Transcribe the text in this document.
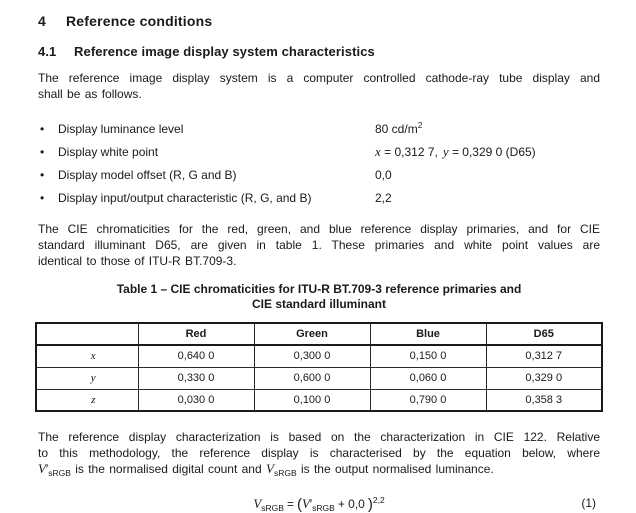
4 Reference conditions
4.1 Reference image display system characteristics
The reference image display system is a computer controlled cathode-ray tube display and
shall be as follows.
•	Display luminance level	80 $cd/m^2$
•	Display white point	x = 0,312 7, y = 0,329 0 (D65)
•	Display model offset (R, G and B)	0,0
•	Display input/output characteristic (R, G, and B)	2,2
The CIE chromaticities for the red, green, and blue reference display primaries, and for CIE
standard illuminant D65, are given in table 1. These primaries and white point values are
identical to those of ITU-R BT.709-3.
Table 1 – CIE chromaticities for ITU-R BT.709-3 reference primaries and
CIE standard illuminant
	Red	Green	Blue	D65
x	0,640 0	0,300 0	0,150 0	0,312 7
y	0,330 0	0,600 0	0,060 0	0,329 0
z	0,030 0	0,100 0	0,790 0	0,358 3
The reference display characterization is based on the characterization in CIE 122. Relative
to this methodology, the reference display is characterised by the equation below, where
$V'_{sRGB}$ is the normalised digital count and $V_{sRGB}$ is the output normalised luminance.
$V_{sRGB} = (V'_{sRGB} + 0,0$ )$^{2,2}$	(1)
